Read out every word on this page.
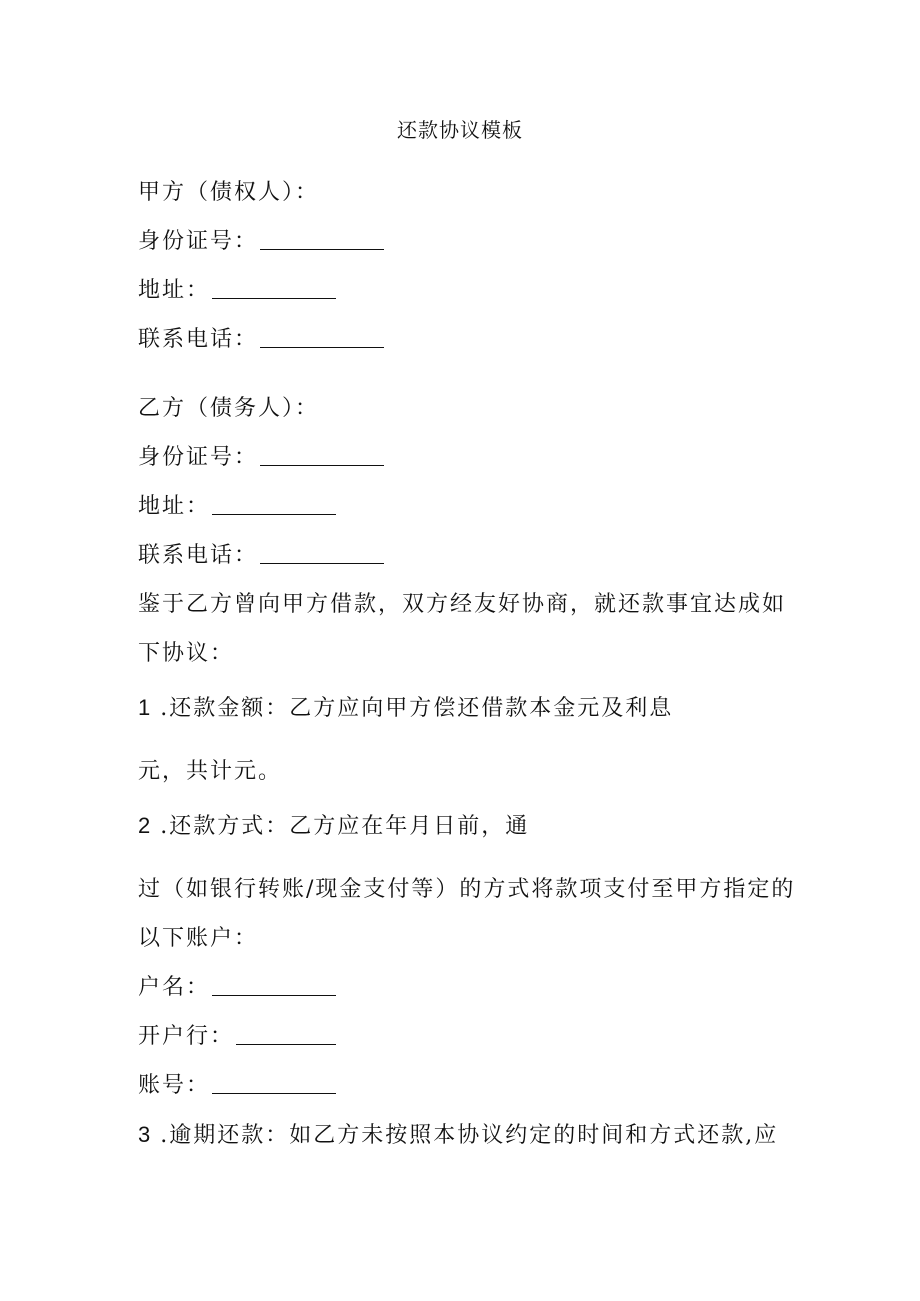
还款协议模板
甲方（债权人）：
身份证号：
地址：
联系电话：
乙方（债务人）：
身份证号：
地址：
联系电话：
鉴于乙方曾向甲方借款，双方经友好协商，就还款事宜达成如
下协议：
1 .还款金额：乙方应向甲方偿还借款本金元及利息
元，共计元。
2 .还款方式：乙方应在年月日前，通
过（如银行转账/现金支付等）的方式将款项支付至甲方指定的
以下账户：
户名：
开户行：
账号：
3 .逾期还款：如乙方未按照本协议约定的时间和方式还款,应
